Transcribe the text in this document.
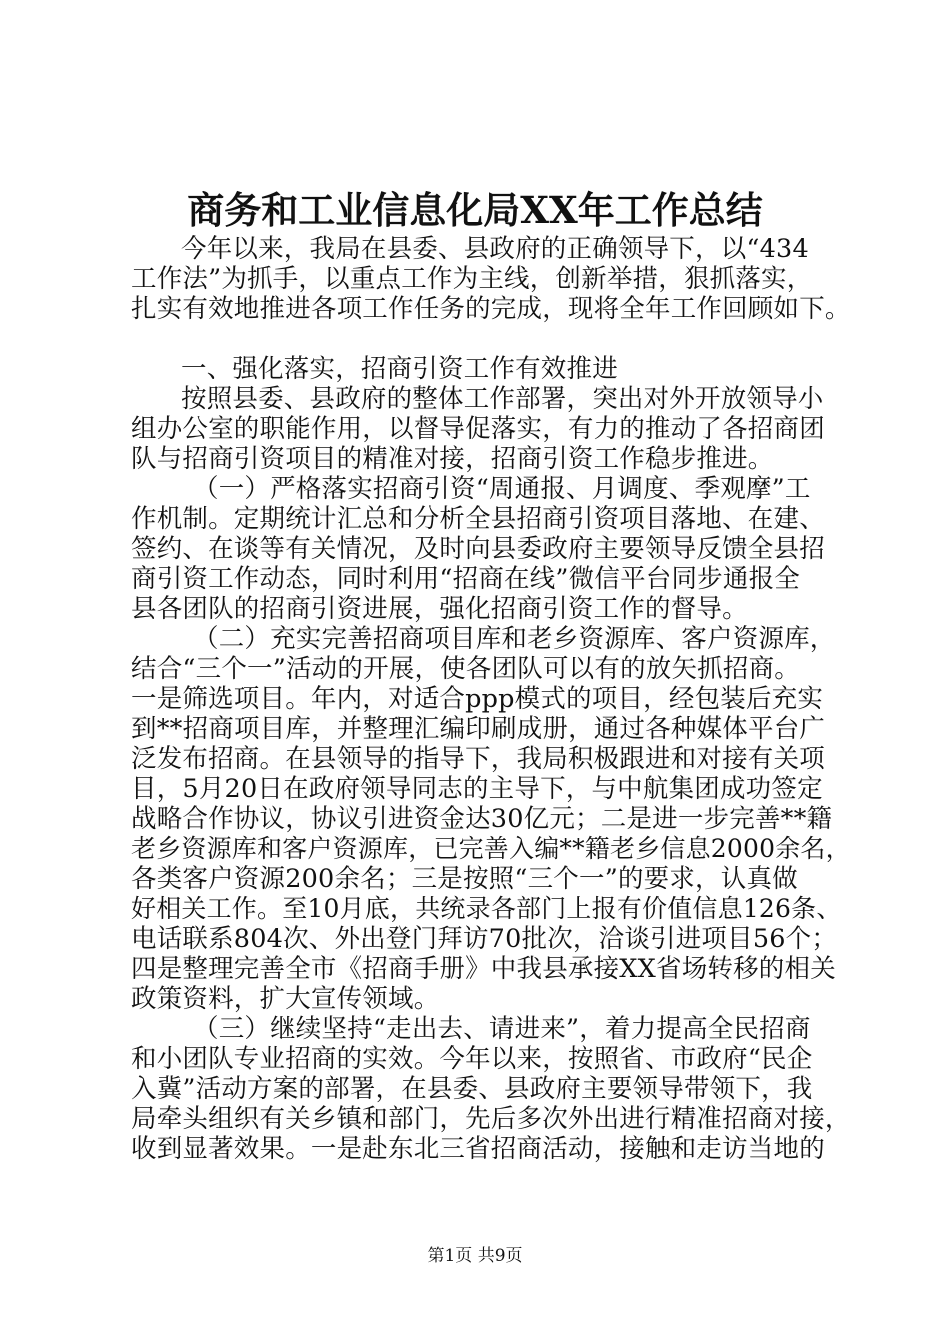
商务和工业信息化局XX年工作总结
今年以来，我局在县委、县政府的正确领导下，以“434
工作法”为抓手，以重点工作为主线，创新举措，狠抓落实，
扎实有效地推进各项工作任务的完成，现将全年工作回顾如下。
一、强化落实，招商引资工作有效推进
按照县委、县政府的整体工作部署，突出对外开放领导小
组办公室的职能作用，以督导促落实，有力的推动了各招商团
队与招商引资项目的精准对接，招商引资工作稳步推进。
（一）严格落实招商引资“周通报、月调度、季观摩”工
作机制。定期统计汇总和分析全县招商引资项目落地、在建、
签约、在谈等有关情况，及时向县委政府主要领导反馈全县招
商引资工作动态，同时利用“招商在线”微信平台同步通报全
县各团队的招商引资进展，强化招商引资工作的督导。
（二）充实完善招商项目库和老乡资源库、客户资源库，
结合“三个一”活动的开展，使各团队可以有的放矢抓招商。
一是筛选项目。年内，对适合ppp模式的项目，经包装后充实
到**招商项目库，并整理汇编印刷成册，通过各种媒体平台广
泛发布招商。在县领导的指导下，我局积极跟进和对接有关项
目，5月20日在政府领导同志的主导下，与中航集团成功签定
战略合作协议，协议引进资金达30亿元；二是进一步完善**籍
老乡资源库和客户资源库，已完善入编**籍老乡信息2000余名，
各类客户资源200余名；三是按照“三个一”的要求，认真做
好相关工作。至10月底，共统录各部门上报有价值信息126条、
电话联系804次、外出登门拜访70批次，洽谈引进项目56个；
四是整理完善全市《招商手册》中我县承接XX省场转移的相关
政策资料，扩大宣传领域。
（三）继续坚持“走出去、请进来”，着力提高全民招商
和小团队专业招商的实效。今年以来，按照省、市政府“民企
入冀”活动方案的部署，在县委、县政府主要领导带领下，我
局牵头组织有关乡镇和部门，先后多次外出进行精准招商对接，
收到显著效果。一是赴东北三省招商活动，接触和走访当地的
第1页 共9页
